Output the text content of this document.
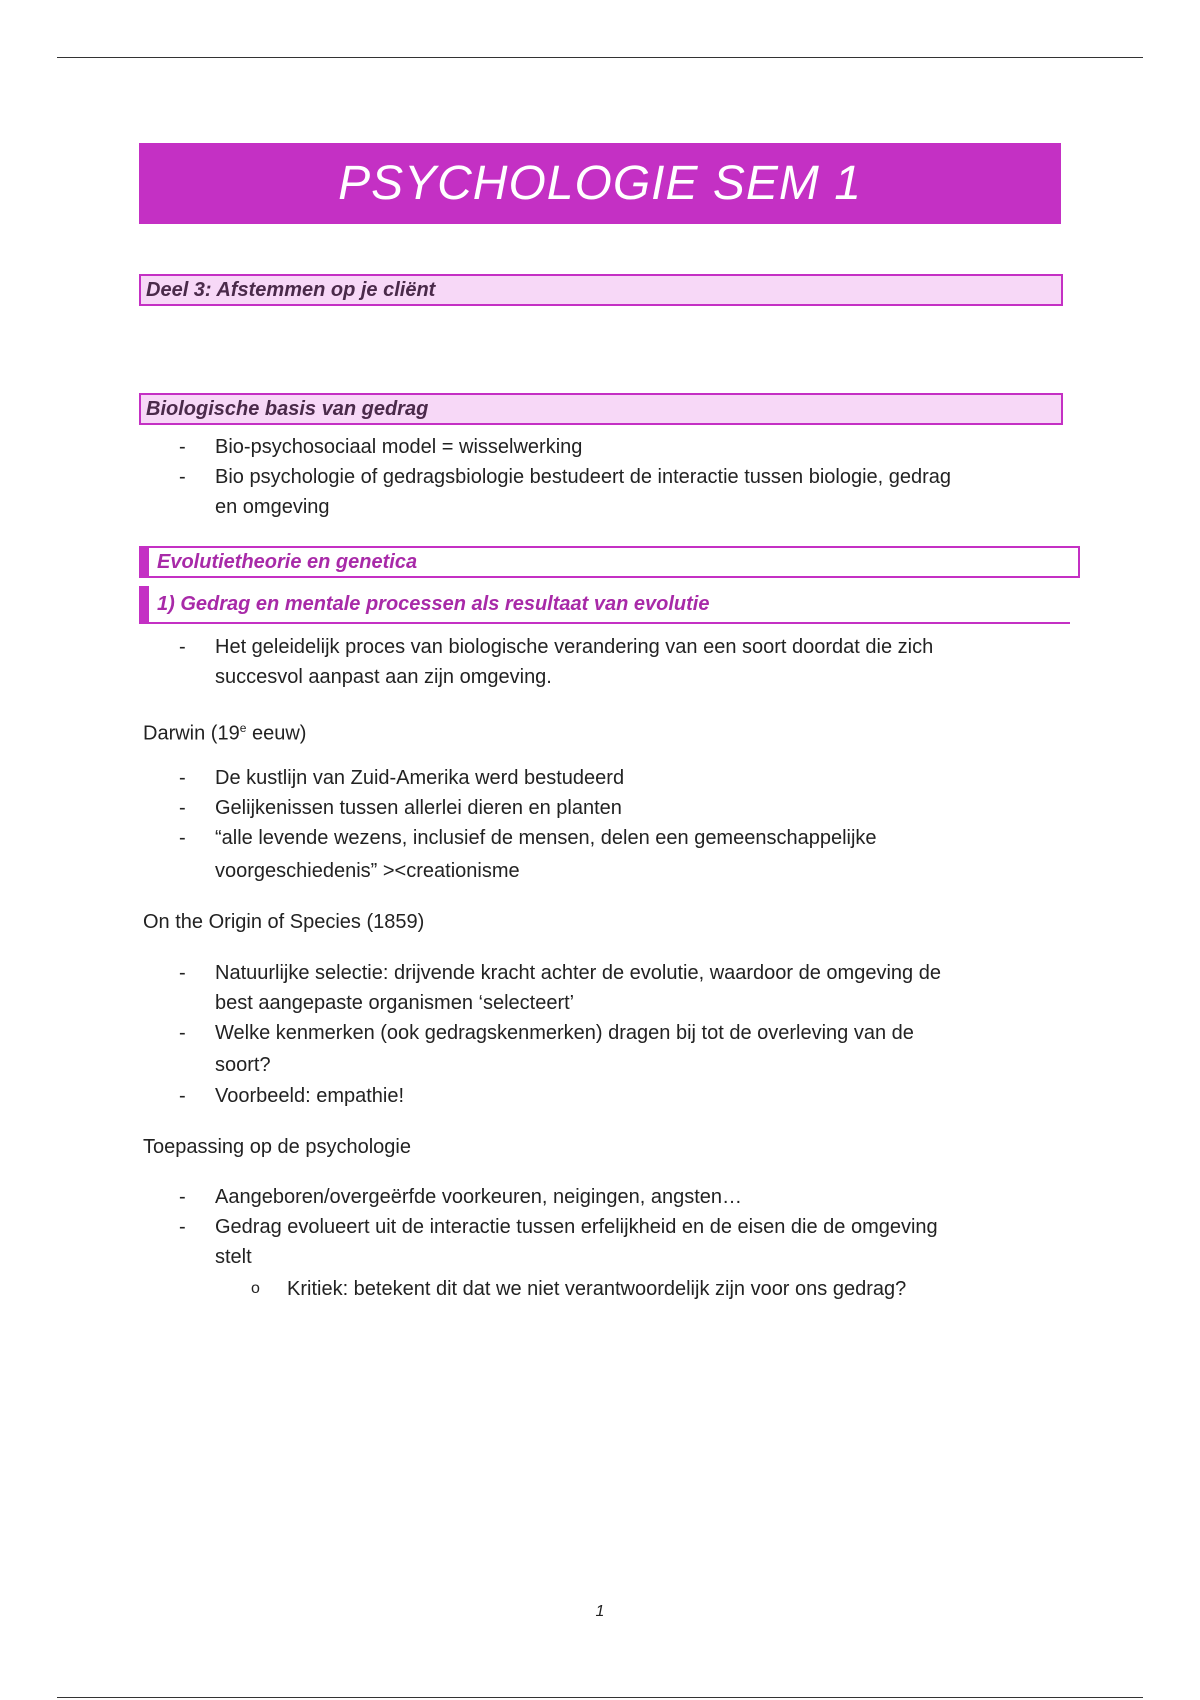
PSYCHOLOGIE SEM 1
Deel 3: Afstemmen op je cliënt
Biologische basis van gedrag
- Bio-psychosociaal model = wisselwerking
- Bio psychologie of gedragsbiologie bestudeert de interactie tussen biologie, gedrag
en omgeving
Evolutietheorie en genetica
1) Gedrag en mentale processen als resultaat van evolutie
- Het geleidelijk proces van biologische verandering van een soort doordat die zich
succesvol aanpast aan zijn omgeving.
Darwin (19e eeuw)
- De kustlijn van Zuid-Amerika werd bestudeerd
- Gelijkenissen tussen allerlei dieren en planten
- “alle levende wezens, inclusief de mensen, delen een gemeenschappelijke
voorgeschiedenis” ><creationisme
On the Origin of Species (1859)
- Natuurlijke selectie: drijvende kracht achter de evolutie, waardoor de omgeving de
best aangepaste organismen ‘selecteert’
- Welke kenmerken (ook gedragskenmerken) dragen bij tot de overleving van de
soort?
- Voorbeeld: empathie!
Toepassing op de psychologie
- Aangeboren/overgeërfde voorkeuren, neigingen, angsten…
- Gedrag evolueert uit de interactie tussen erfelijkheid en de eisen die de omgeving
stelt
o Kritiek: betekent dit dat we niet verantwoordelijk zijn voor ons gedrag?
1
